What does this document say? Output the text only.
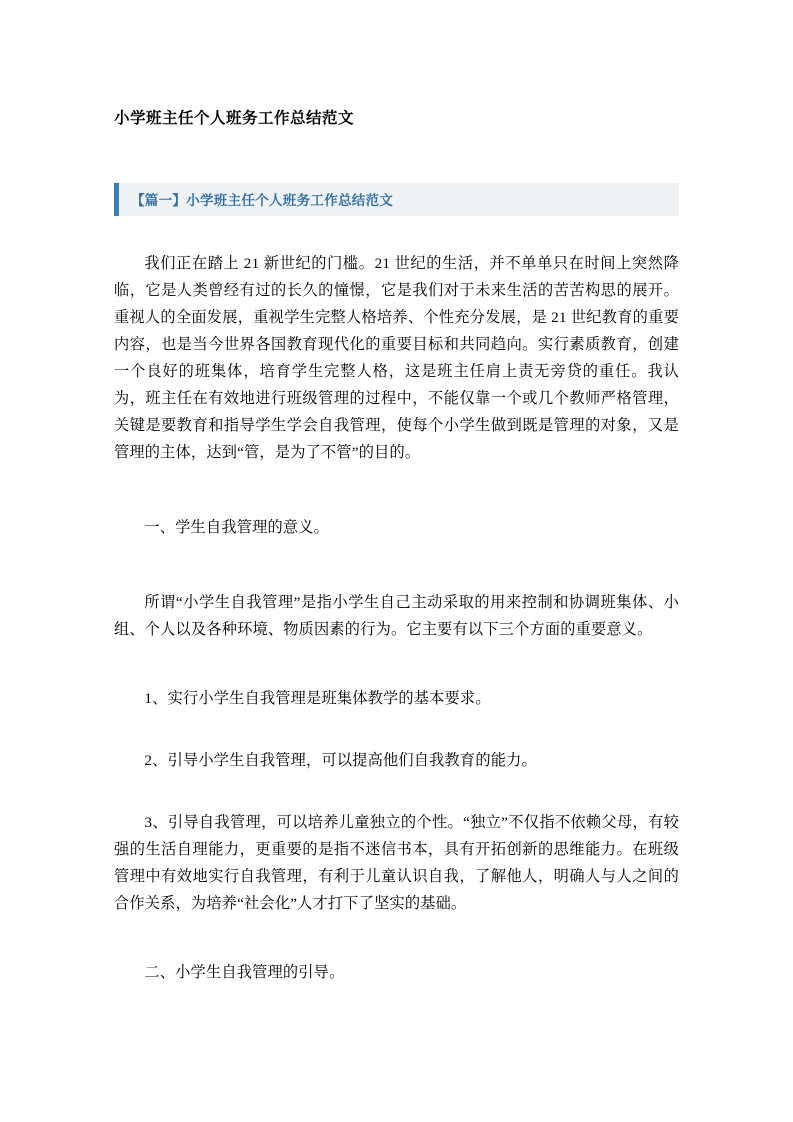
小学班主任个人班务工作总结范文
【篇一】小学班主任个人班务工作总结范文

我们正在踏上 21 新世纪的门槛。21 世纪的生活，并不单单只在时间上突然降临，它是人类曾经有过的长久的憧憬，它是我们对于未来生活的苦苦构思的展开。重视人的全面发展，重视学生完整人格培养、个性充分发展，是 21 世纪教育的重要内容，也是当今世界各国教育现代化的重要目标和共同趋向。实行素质教育，创建一个良好的班集体，培育学生完整人格，这是班主任肩上责无旁贷的重任。我认为，班主任在有效地进行班级管理的过程中，不能仅靠一个或几个教师严格管理，关键是要教育和指导学生学会自我管理，使每个小学生做到既是管理的对象，又是管理的主体，达到“管，是为了不管”的目的。

一、学生自我管理的意义。

所谓“小学生自我管理”是指小学生自己主动采取的用来控制和协调班集体、小组、个人以及各种环境、物质因素的行为。它主要有以下三个方面的重要意义。

1、实行小学生自我管理是班集体教学的基本要求。

2、引导小学生自我管理，可以提高他们自我教育的能力。

3、引导自我管理，可以培养儿童独立的个性。“独立”不仅指不依赖父母，有较强的生活自理能力，更重要的是指不迷信书本，具有开拓创新的思维能力。在班级管理中有效地实行自我管理，有利于儿童认识自我，了解他人，明确人与人之间的合作关系，为培养“社会化”人才打下了坚实的基础。

二、小学生自我管理的引导。
